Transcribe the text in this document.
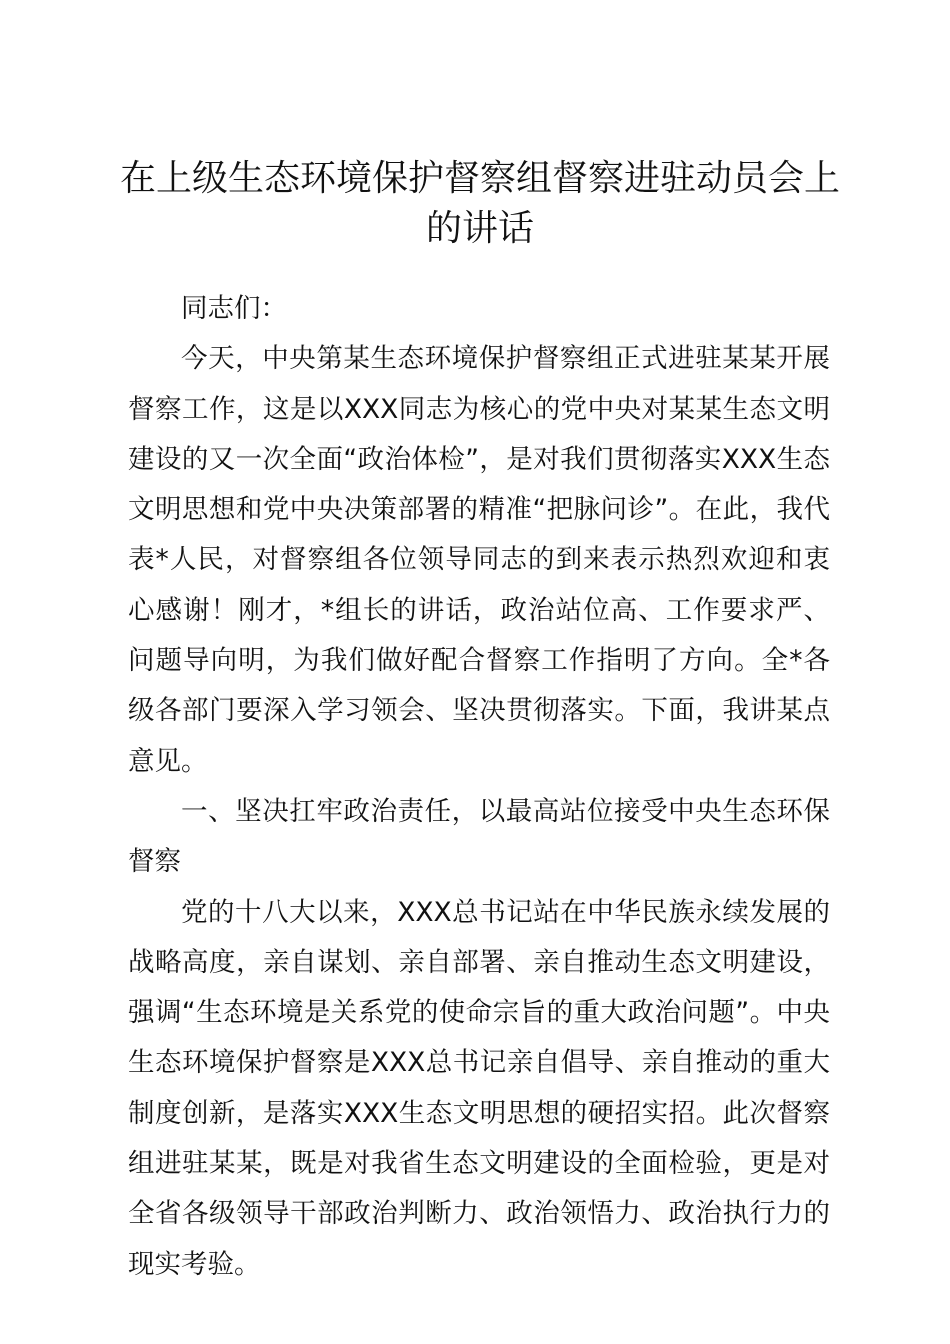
在上级生态环境保护督察组督察进驻动员会上的讲话

同志们：

今天，中央第某生态环境保护督察组正式进驻某某开展督察工作，这是以XXX同志为核心的党中央对某某生态文明建设的又一次全面“政治体检”，是对我们贯彻落实XXX生态文明思想和党中央决策部署的精准“把脉问诊”。在此，我代表*人民，对督察组各位领导同志的到来表示热烈欢迎和衷心感谢！刚才，*组长的讲话，政治站位高、工作要求严、问题导向明，为我们做好配合督察工作指明了方向。全*各级各部门要深入学习领会、坚决贯彻落实。下面，我讲某点意见。

一、坚决扛牢政治责任，以最高站位接受中央生态环保督察

党的十八大以来，XXX总书记站在中华民族永续发展的战略高度，亲自谋划、亲自部署、亲自推动生态文明建设，强调“生态环境是关系党的使命宗旨的重大政治问题”。中央生态环境保护督察是XXX总书记亲自倡导、亲自推动的重大制度创新，是落实XXX生态文明思想的硬招实招。此次督察组进驻某某，既是对我省生态文明建设的全面检验，更是对全省各级领导干部政治判断力、政治领悟力、政治执行力的现实考验。
